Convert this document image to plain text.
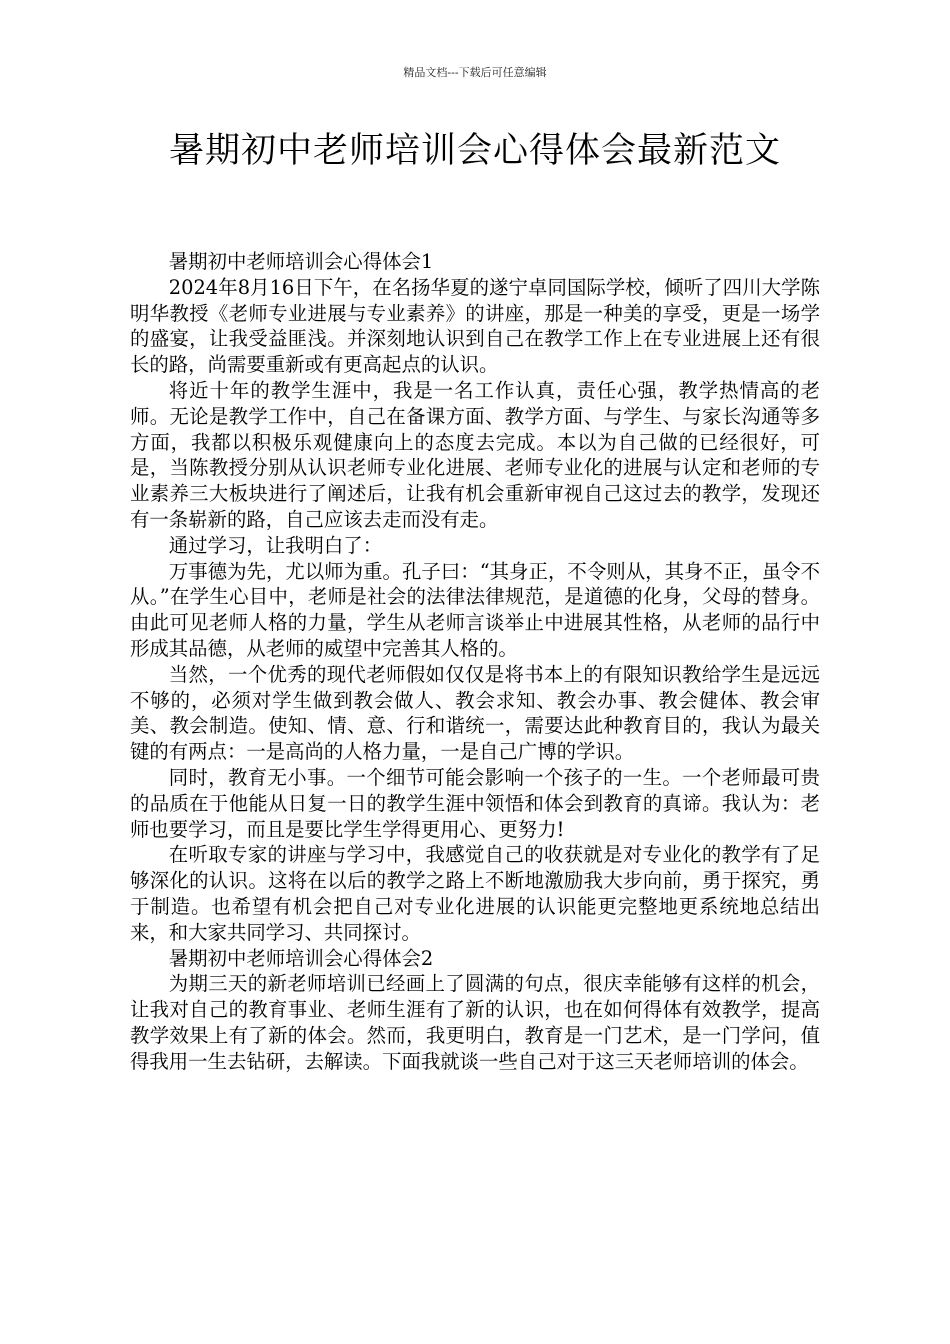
精品文档---下载后可任意编辑
暑期初中老师培训会心得体会最新范文

暑期初中老师培训会心得体会1

2024年8月16日下午，在名扬华夏的遂宁卓同国际学校，倾听了四川大学陈明华教授《老师专业进展与专业素养》的讲座，那是一种美的享受，更是一场学的盛宴，让我受益匪浅。并深刻地认识到自己在教学工作上在专业进展上还有很长的路，尚需要重新或有更高起点的认识。

将近十年的教学生涯中，我是一名工作认真，责任心强，教学热情高的老师。无论是教学工作中，自己在备课方面、教学方面、与学生、与家长沟通等多方面，我都以积极乐观健康向上的态度去完成。本以为自己做的已经很好，可是，当陈教授分别从认识老师专业化进展、老师专业化的进展与认定和老师的专业素养三大板块进行了阐述后，让我有机会重新审视自己这过去的教学，发现还有一条崭新的路，自己应该去走而没有走。

通过学习，让我明白了：

万事德为先，尤以师为重。孔子曰：“其身正，不令则从，其身不正，虽令不从。”在学生心目中，老师是社会的法律法律规范，是道德的化身，父母的替身。由此可见老师人格的力量，学生从老师言谈举止中进展其性格，从老师的品行中形成其品德，从老师的威望中完善其人格的。

当然，一个优秀的现代老师假如仅仅是将书本上的有限知识教给学生是远远不够的，必须对学生做到教会做人、教会求知、教会办事、教会健体、教会审美、教会制造。使知、情、意、行和谐统一，需要达此种教育目的，我认为最关键的有两点：一是高尚的人格力量，一是自己广博的学识。

同时，教育无小事。一个细节可能会影响一个孩子的一生。一个老师最可贵的品质在于他能从日复一日的教学生涯中领悟和体会到教育的真谛。我认为：老师也要学习，而且是要比学生学得更用心、更努力!

在听取专家的讲座与学习中，我感觉自己的收获就是对专业化的教学有了足够深化的认识。这将在以后的教学之路上不断地激励我大步向前，勇于探究，勇于制造。也希望有机会把自己对专业化进展的认识能更完整地更系统地总结出来，和大家共同学习、共同探讨。

暑期初中老师培训会心得体会2

为期三天的新老师培训已经画上了圆满的句点，很庆幸能够有这样的机会，让我对自己的教育事业、老师生涯有了新的认识，也在如何得体有效教学，提高教学效果上有了新的体会。然而，我更明白，教育是一门艺术，是一门学问，值得我用一生去钻研，去解读。下面我就谈一些自己对于这三天老师培训的体会。
